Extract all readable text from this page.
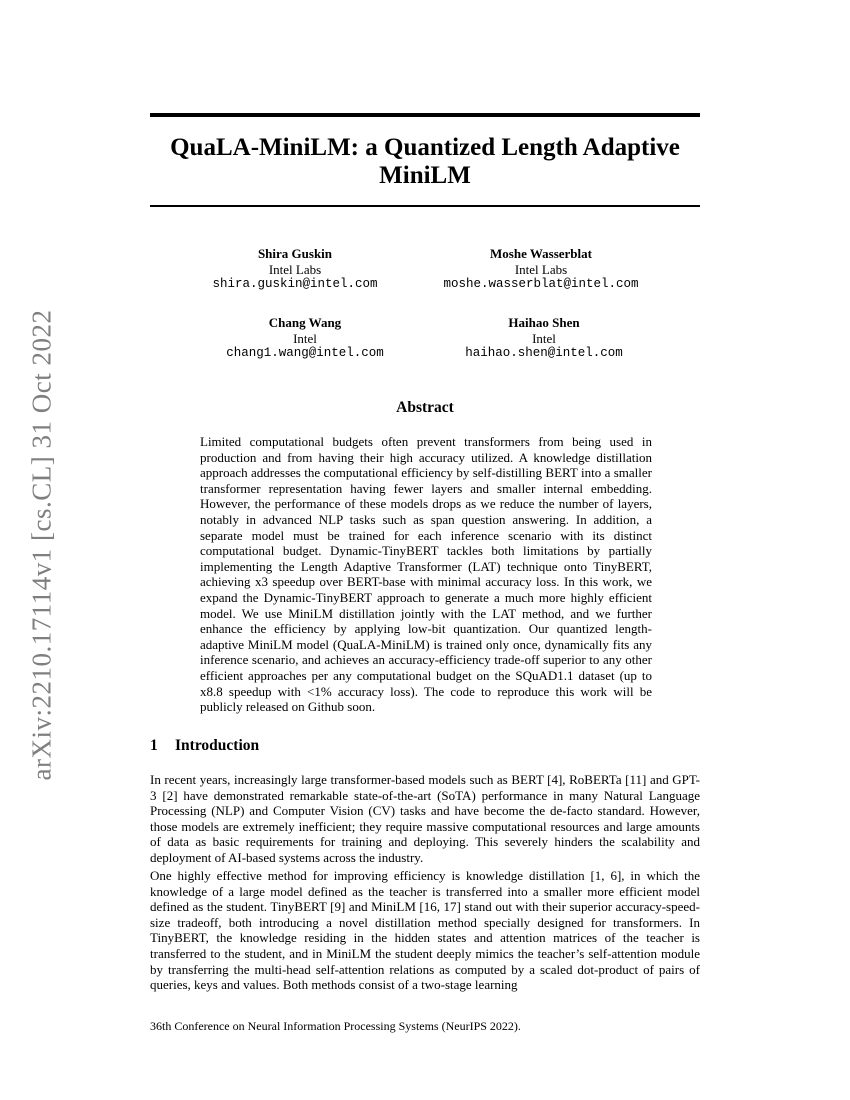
arXiv:2210.17114v1 [cs.CL] 31 Oct 2022
QuaLA-MiniLM: a Quantized Length Adaptive
MiniLM
Shira Guskin
Intel Labs
shira.guskin@intel.com
Moshe Wasserblat
Intel Labs
moshe.wasserblat@intel.com
Chang Wang
Intel
chang1.wang@intel.com
Haihao Shen
Intel
haihao.shen@intel.com
Abstract
Limited computational budgets often prevent transformers from being used in production and from having their high accuracy utilized. A knowledge distillation approach addresses the computational efficiency by self-distilling BERT into a smaller transformer representation having fewer layers and smaller internal embedding. However, the performance of these models drops as we reduce the number of layers, notably in advanced NLP tasks such as span question answering. In addition, a separate model must be trained for each inference scenario with its distinct computational budget. Dynamic-TinyBERT tackles both limitations by partially implementing the Length Adaptive Transformer (LAT) technique onto TinyBERT, achieving x3 speedup over BERT-base with minimal accuracy loss. In this work, we expand the Dynamic-TinyBERT approach to generate a much more highly efficient model. We use MiniLM distillation jointly with the LAT method, and we further enhance the efficiency by applying low-bit quantization. Our quantized length-adaptive MiniLM model (QuaLA-MiniLM) is trained only once, dynamically fits any inference scenario, and achieves an accuracy-efficiency trade-off superior to any other efficient approaches per any computational budget on the SQuAD1.1 dataset (up to x8.8 speedup with <1% accuracy loss). The code to reproduce this work will be publicly released on Github soon.
1 Introduction
In recent years, increasingly large transformer-based models such as BERT [4], RoBERTa [11] and GPT-3 [2] have demonstrated remarkable state-of-the-art (SoTA) performance in many Natural Language Processing (NLP) and Computer Vision (CV) tasks and have become the de-facto standard. However, those models are extremely inefficient; they require massive computational resources and large amounts of data as basic requirements for training and deploying. This severely hinders the scalability and deployment of AI-based systems across the industry.
One highly effective method for improving efficiency is knowledge distillation [1, 6], in which the knowledge of a large model defined as the teacher is transferred into a smaller more efficient model defined as the student. TinyBERT [9] and MiniLM [16, 17] stand out with their superior accuracy-speed-size tradeoff, both introducing a novel distillation method specially designed for transformers. In TinyBERT, the knowledge residing in the hidden states and attention matrices of the teacher is transferred to the student, and in MiniLM the student deeply mimics the teacher’s self-attention module by transferring the multi-head self-attention relations as computed by a scaled dot-product of pairs of queries, keys and values. Both methods consist of a two-stage learning
36th Conference on Neural Information Processing Systems (NeurIPS 2022).
